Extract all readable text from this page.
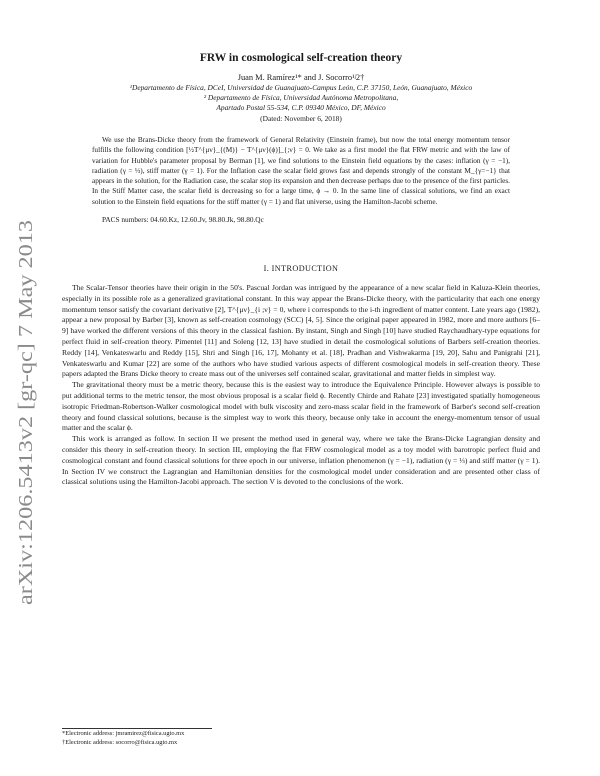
arXiv:1206.5413v2 [gr-qc] 7 May 2013
FRW in cosmological self-creation theory
Juan M. Ramírez¹* and J. Socorro¹ʲ2†
¹Departamento de Física, DCeI, Universidad de Guanajuato-Campus León, C.P. 37150, León, Guanajuato, México
² Departamento de Física, Universidad Autónoma Metropolitana,
Apartado Postal 55-534, C.P. 09340 México, DF, México
(Dated: November 6, 2018)

We use the Brans-Dicke theory from the framework of General Relativity (Einstein frame), but now the total energy momentum tensor fulfills the following condition [½T^{μν}_{(M)} − T^{μν}(ϕ)]_{;ν} = 0. We take as a first model the flat FRW metric and with the law of variation for Hubble's parameter proposal by Berman [1], we find solutions to the Einstein field equations by the cases: inflation (γ = −1), radiation (γ = ⅓), stiff matter (γ = 1). For the Inflation case the scalar field grows fast and depends strongly of the constant M_{γ=−1} that appears in the solution, for the Radiation case, the scalar stop its expansion and then decrease perhaps due to the presence of the first particles. In the Stiff Matter case, the scalar field is decreasing so for a large time, ϕ → 0. In the same line of classical solutions, we find an exact solution to the Einstein field equations for the stiff matter (γ = 1) and flat universe, using the Hamilton-Jacobi scheme.

PACS numbers: 04.60.Kz, 12.60.Jv, 98.80.Jk, 98.80.Qc
I. INTRODUCTION

The Scalar-Tensor theories have their origin in the 50's. Pascual Jordan was intrigued by the appearance of a new scalar field in Kaluza-Klein theories, especially in its possible role as a generalized gravitational constant. In this way appear the Brans-Dicke theory, with the particularity that each one energy momentum tensor satisfy the covariant derivative [2], T^{μν}_{i ;ν} = 0, where i corresponds to the i-th ingredient of matter content. Late years ago (1982), appear a new proposal by Barber [3], known as self-creation cosmology (SCC) [4, 5]. Since the original paper appeared in 1982, more and more authors [6–9] have worked the different versions of this theory in the classical fashion. By instant, Singh and Singh [10] have studied Raychaudhary-type equations for perfect fluid in self-creation theory. Pimentel [11] and Soleng [12, 13] have studied in detail the cosmological solutions of Barbers self-creation theories. Reddy [14], Venkateswarlu and Reddy [15], Shri and Singh [16, 17], Mohanty et al. [18], Pradhan and Vishwakarma [19, 20], Sahu and Panigrahi [21], Venkateswarlu and Kumar [22] are some of the authors who have studied various aspects of different cosmological models in self-creation theory. These papers adapted the Brans Dicke theory to create mass out of the universes self contained scalar, gravitational and matter fields in simplest way.

The gravitational theory must be a metric theory, because this is the easiest way to introduce the Equivalence Principle. However always is possible to put additional terms to the metric tensor, the most obvious proposal is a scalar field ϕ. Recently Chirde and Rahate [23] investigated spatially homogeneous isotropic Friedman-Robertson-Walker cosmological model with bulk viscosity and zero-mass scalar field in the framework of Barber's second self-creation theory and found classical solutions, because is the simplest way to work this theory, because only take in account the energy-momentum tensor of usual matter and the scalar ϕ.

This work is arranged as follow. In section II we present the method used in general way, where we take the Brans-Dicke Lagrangian density and consider this theory in self-creation theory. In section III, employing the flat FRW cosmological model as a toy model with barotropic perfect fluid and cosmological constant and found classical solutions for three epoch in our universe, inflation phenomenon (γ = −1), radiation (γ = ⅓) and stiff matter (γ = 1). In Section IV we construct the Lagrangian and Hamiltonian densities for the cosmological model under consideration and are presented other class of classical solutions using the Hamilton-Jacobi approach. The section V is devoted to the conclusions of the work.

*Electronic address: jmramirez@fisica.ugto.mx
†Electronic address: socorro@fisica.ugto.mx
